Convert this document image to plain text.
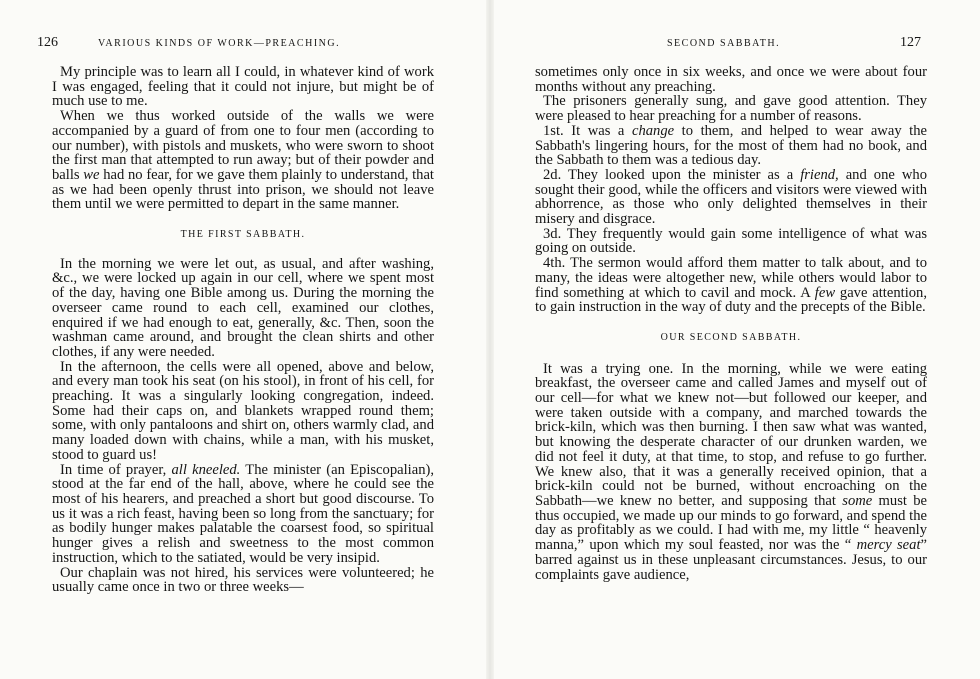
126	VARIOUS KINDS OF WORK—PREACHING.

My principle was to learn all I could, in whatever kind of work I was engaged, feeling that it could not injure, but might be of much use to me.

When we thus worked outside of the walls we were accompanied by a guard of from one to four men (according to our number), with pistols and muskets, who were sworn to shoot the first man that attempted to run away; but of their powder and balls we had no fear, for we gave them plainly to understand, that as we had been openly thrust into prison, we should not leave them until we were permitted to depart in the same manner.

THE FIRST SABBATH.

In the morning we were let out, as usual, and after washing, &c., we were locked up again in our cell, where we spent most of the day, having one Bible among us. During the morning the overseer came round to each cell, examined our clothes, enquired if we had enough to eat, generally, &c. Then, soon the washman came around, and brought the clean shirts and other clothes, if any were needed.

In the afternoon, the cells were all opened, above and below, and every man took his seat (on his stool), in front of his cell, for preaching. It was a singularly looking congregation, indeed. Some had their caps on, and blankets wrapped round them; some, with only pantaloons and shirt on, others warmly clad, and many loaded down with chains, while a man, with his musket, stood to guard us!

In time of prayer, all kneeled. The minister (an Episcopalian), stood at the far end of the hall, above, where he could see the most of his hearers, and preached a short but good discourse. To us it was a rich feast, having been so long from the sanctuary; for as bodily hunger makes palatable the coarsest food, so spiritual hunger gives a relish and sweetness to the most common instruction, which to the satiated, would be very insipid.

Our chaplain was not hired, his services were volunteered; he usually came once in two or three weeks—

SECOND SABBATH.	127

sometimes only once in six weeks, and once we were about four months without any preaching.

The prisoners generally sung, and gave good attention. They were pleased to hear preaching for a number of reasons.

1st. It was a change to them, and helped to wear away the Sabbath's lingering hours, for the most of them had no book, and the Sabbath to them was a tedious day.

2d. They looked upon the minister as a friend, and one who sought their good, while the officers and visitors were viewed with abhorrence, as those who only delighted themselves in their misery and disgrace.

3d. They frequently would gain some intelligence of what was going on outside.

4th. The sermon would afford them matter to talk about, and to many, the ideas were altogether new, while others would labor to find something at which to cavil and mock. A few gave attention, to gain instruction in the way of duty and the precepts of the Bible.

OUR SECOND SABBATH.

It was a trying one. In the morning, while we were eating breakfast, the overseer came and called James and myself out of our cell—for what we knew not—but followed our keeper, and were taken outside with a company, and marched towards the brick-kiln, which was then burning. I then saw what was wanted, but knowing the desperate character of our drunken warden, we did not feel it duty, at that time, to stop, and refuse to go further. We knew also, that it was a generally received opinion, that a brick-kiln could not be burned, without encroaching on the Sabbath—we knew no better, and supposing that some must be thus occupied, we made up our minds to go forward, and spend the day as profitably as we could. I had with me, my little “ heavenly manna,” upon which my soul feasted, nor was the “ mercy seat” barred against us in these unpleasant circumstances. Jesus, to our complaints gave audience,
